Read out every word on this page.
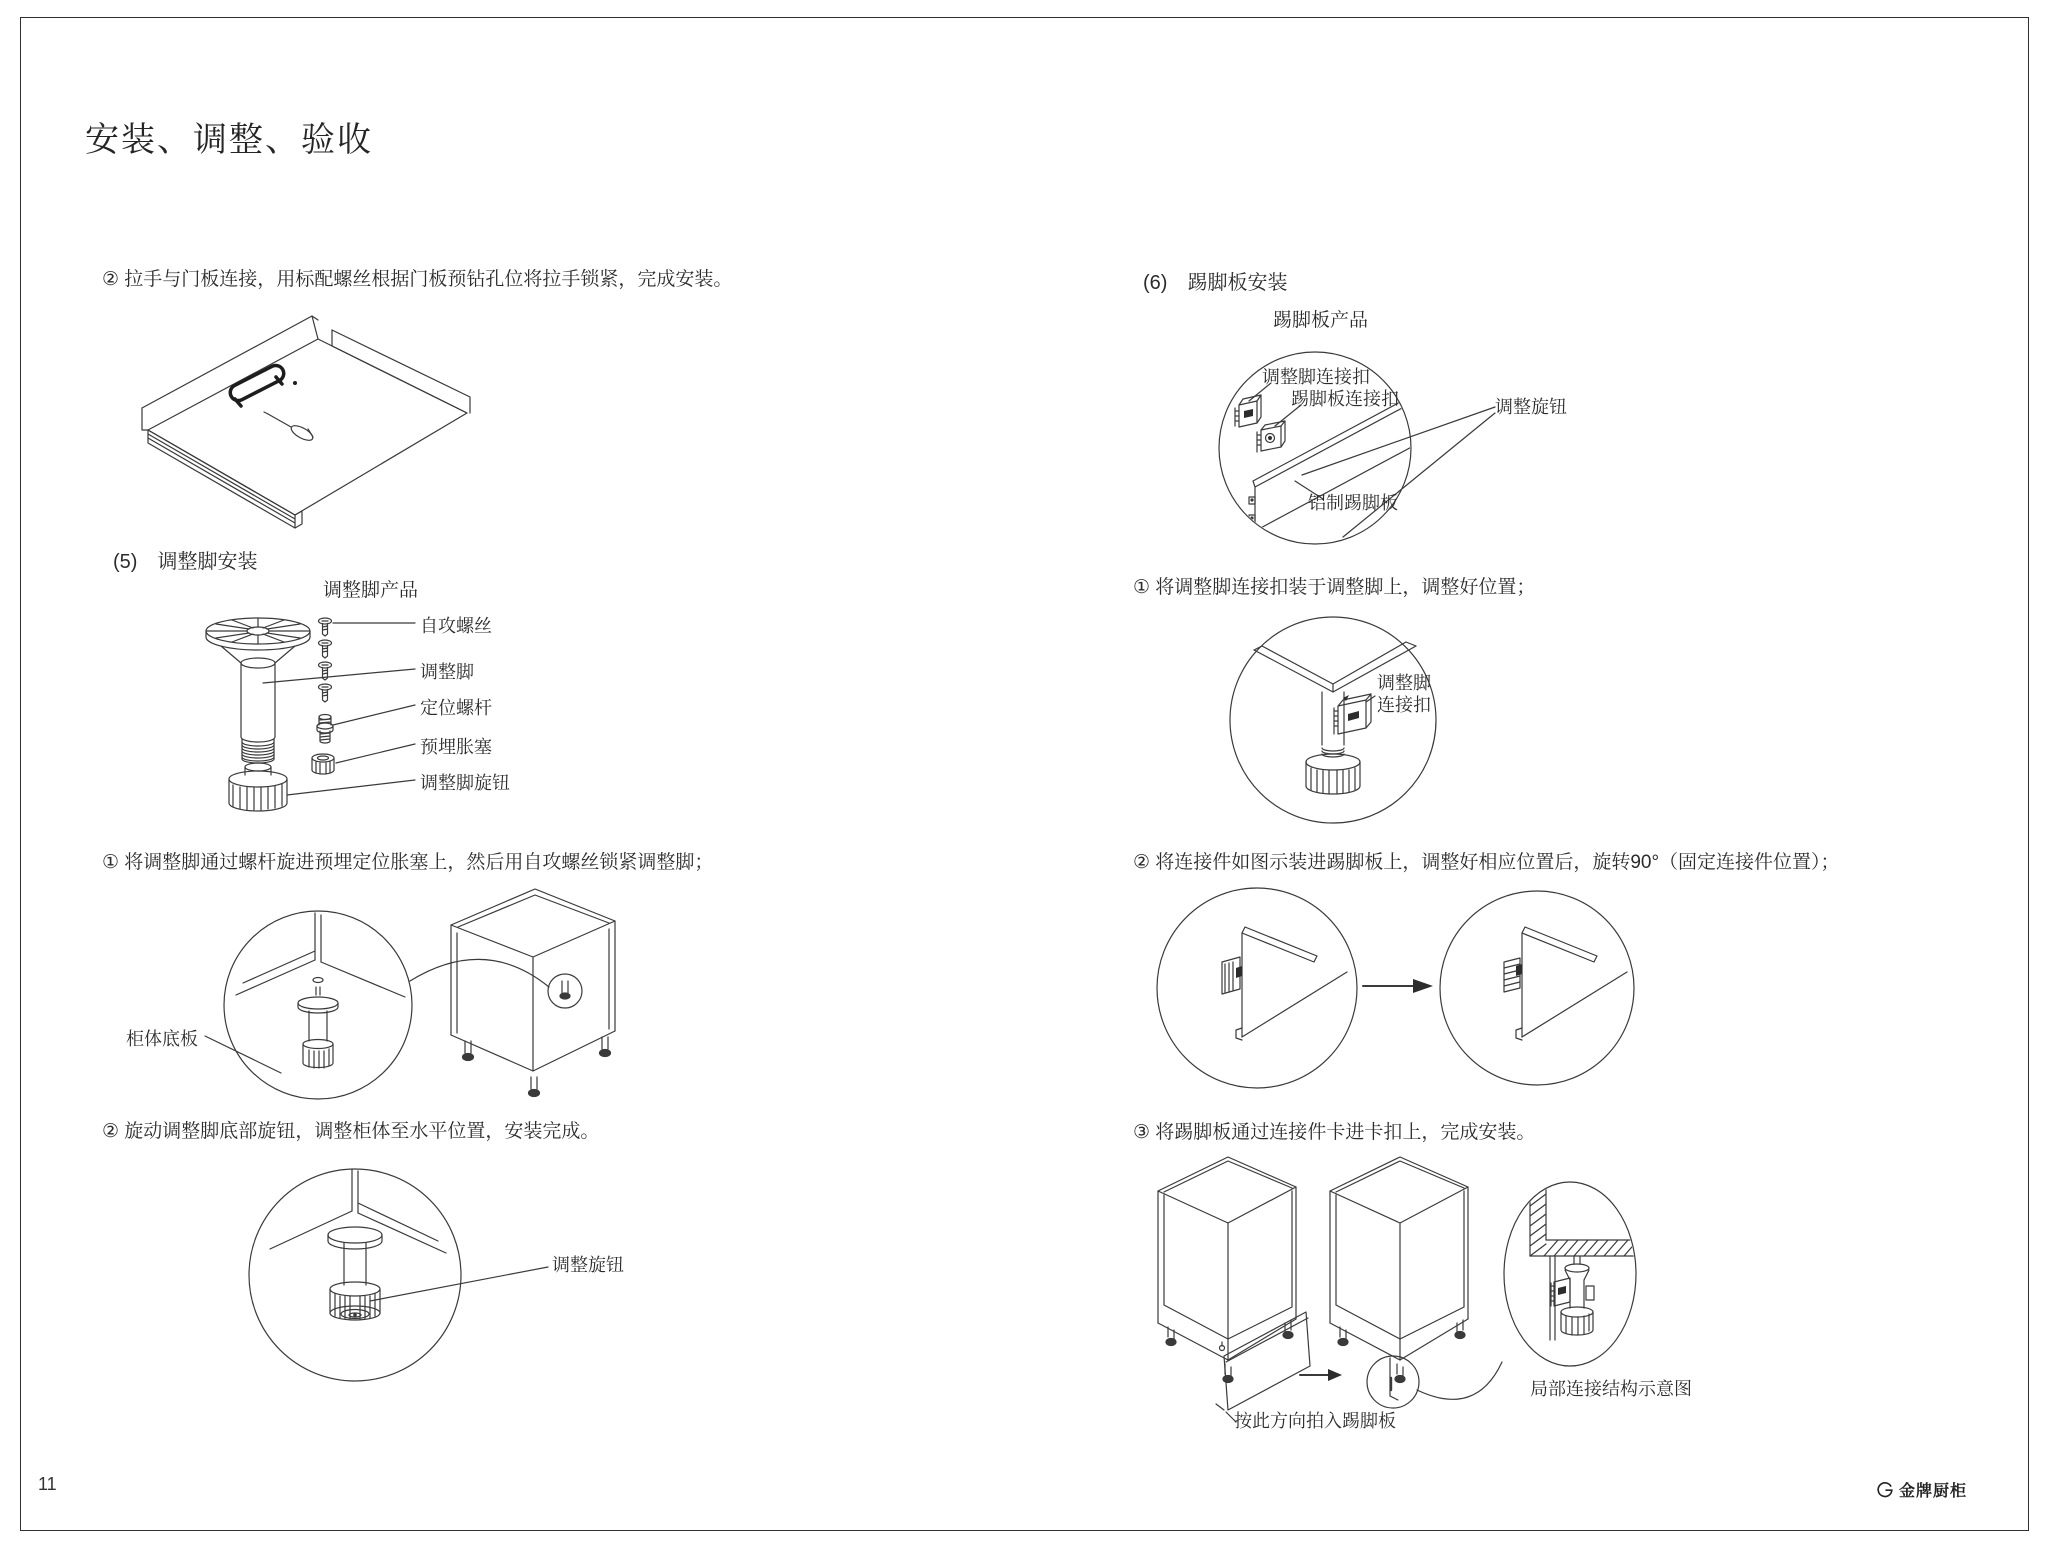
安装、调整、验收
② 拉手与门板连接，用标配螺丝根据门板预钻孔位将拉手锁紧，完成安装。
(5)　调整脚安装
调整脚产品
自攻螺丝
调整脚
定位螺杆
预埋胀塞
调整脚旋钮
① 将调整脚通过螺杆旋进预埋定位胀塞上，然后用自攻螺丝锁紧调整脚；
柜体底板
② 旋动调整脚底部旋钮，调整柜体至水平位置，安装完成。
调整旋钮
(6)　踢脚板安装
踢脚板产品
调整脚连接扣
踢脚板连接扣	调整旋钮
铝制踢脚板
① 将调整脚连接扣装于调整脚上，调整好位置；
调整脚
连接扣
② 将连接件如图示装进踢脚板上，调整好相应位置后，旋转90°（固定连接件位置）；
③ 将踢脚板通过连接件卡进卡扣上，完成安装。
按此方向拍入踢脚板
局部连接结构示意图
11	金牌厨柜
